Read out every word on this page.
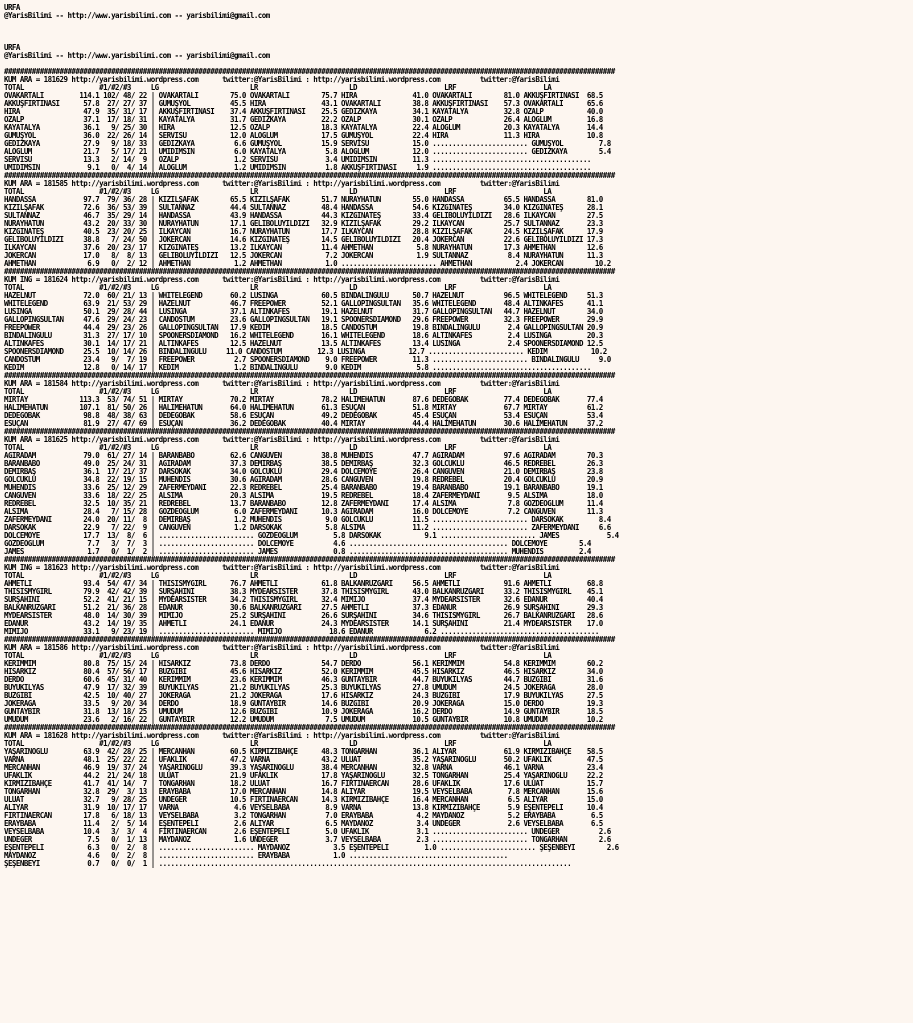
URFA
@YarisBilimi -- http://www.yarisbilimi.com -- yarisbilimi@gmail.com

URFA
@YarisBilimi -- http://www.yarisbilimi.com -- yarisbilimi@gmail.com

##########################################################################################################################################################
KUM ARA = 181629 http://yarisbilimi.wordpress.com      twitter:@YarisBilimi : http://yarisbilimi.wordpress.com          twitter:@YarisBilimi
TOTAL                   #1/#2/#3     LG                       LR                       LD                      LRF                      LA
OVAKARTALI         114.1 102/ 48/ 22 | OVAKARTALI        75.0 OVAKARTALI        75.7 HIRA              41.0 OVAKARTALI        81.0 AKKUŞFIRTINASI  68.5
AKKUŞFIRTINASI      57.8  27/ 27/ 37 | GÜMÜŞYOL          45.5 HIRA              43.1 OVAKARTALI        38.8 AKKUŞFIRTINASI    57.3 OVAKARTALI      65.6
HIRA                47.9  35/ 31/ 17 | AKKUŞFIRTINASI    37.4 AKKUŞFIRTINASI    25.5 GEDİZKAYA         34.1 KAYATALYA         32.8 ÖZALP           40.0
ÖZALP               37.1  17/ 18/ 31 | KAYATALYA         31.7 GEDİZKAYA         22.2 ÖZALP             30.1 ÖZALP             26.4 ALOGLUM         16.8
KAYATALYA           36.1   9/ 25/ 30 | HIRA              12.5 ÖZALP             18.3 KAYATALYA         22.4 ALOGLUM           20.3 KAYATALYA       14.4
GÜMÜŞYOL            36.0  22/ 26/ 14 | SERVİSU           12.0 ALOGLUM           17.5 GÜMÜŞYOL          22.4 HIRA              11.3 HIRA            10.8
GEDİZKAYA           27.9   9/ 18/ 33 | GEDİZKAYA          6.6 GÜMÜŞYOL          15.9 SERVİSU           15.0 ........................ GÜMÜŞYOL         7.8
ALOGLUM             21.7   5/ 17/ 21 | ÜMİDİMSİN          6.0 KAYATALYA          5.8 ALOGLUM           12.0 ........................ GEDİZKAYA        5.4
SERVİSU             13.3   2/ 14/  9 | ÖZALP              1.2 SERVİSU            3.4 ÜMİDİMSİN         11.3 ........................................
ÜMİDİMSİN            9.1   0/  4/ 14 | ALOGLUM            1.2 ÜMİDİMSİN          1.8 AKKUŞFIRTINASI     1.9 ........................................
##########################################################################################################################################################
KUM ARA = 181585 http://yarisbilimi.wordpress.com      twitter:@YarisBilimi : http://yarisbilimi.wordpress.com          twitter:@YarisBilimi
TOTAL                   #1/#2/#3     LG                       LR                       LD                      LRF                      LA
HANDASSA            97.7  79/ 36/ 28 | KIZILŞAFAK        65.5 KIZILŞAFAK        51.7 NURAYHATUN        55.0 HANDASSA          65.5 HANDASSA        81.0
KIZILŞAFAK          72.6  36/ 53/ 39 | SULTANNAZ         44.4 SULTANNAZ         48.4 HANDASSA          54.6 KIZGINATEŞ        34.0 KIZGINATEŞ      28.1
SULTANNAZ           46.7  35/ 29/ 14 | HANDASSA          43.9 HANDASSA          44.3 KIZGINATEŞ        33.4 GELİBOLUYILDIZI   28.6 İLKAYCAN        27.5
NURAYHATUN          43.2  20/ 33/ 30 | NURAYHATUN        17.1 GELİBOLUYILDIZI   32.9 KIZILŞAFAK        29.2 İLKAYCAN          25.7 SULTANNAZ       23.3
KIZGINATEŞ          40.5  23/ 20/ 25 | İLKAYCAN          16.7 NURAYHATUN        17.7 İLKAYCAN          28.8 KIZILŞAFAK        24.5 KIZILŞAFAK      17.9
GELİBOLUYILDIZI     38.8   7/ 24/ 50 | JOKERCAN          14.6 KIZGINATEŞ        14.5 GELİBOLUYILDIZI   20.4 JOKERCAN          22.6 GELİBOLUYILDIZI 17.3
İLKAYCAN            37.6  20/ 23/ 17 | KIZGINATEŞ        13.2 İLKAYCAN          11.4 AHMETHAN           5.8 NURAYHATUN        17.3 AHMETHAN        12.6
JOKERCAN            17.0   8/  8/ 13 | GELİBOLUYILDIZI   12.5 JOKERCAN           7.2 JOKERCAN           1.9 SULTANNAZ          8.4 NURAYHATUN      11.3
AHMETHAN             6.9   0/  2/ 12 | AHMETHAN           1.2 AHMETHAN           1.0 ........................ AHMETHAN           2.4 JOKERCAN        10.2
##########################################################################################################################################################
KUM ING = 181624 http://yarisbilimi.wordpress.com      twitter:@YarisBilimi : http://yarisbilimi.wordpress.com          twitter:@YarisBilimi
TOTAL                   #1/#2/#3     LG                       LR                       LD                      LRF                      LA
HAZELNUT            72.0  60/ 21/ 13 | WHITELEGEND       60.2 LUSINGA           60.5 BINDALINGÜLÜ      50.7 HAZELNUT          96.5 WHITELEGEND     51.3
WHITELEGEND         63.9  21/ 53/ 29 | HAZELNUT          46.7 FREEPOWER         52.1 GALLOPINGSULTAN   35.6 WHITELEGEND       48.4 ALTINKAFES      41.1
LUSINGA             50.1  29/ 28/ 44 | LUSINGA           37.1 ALTINKAFES        19.1 HAZELNUT          31.7 GALLOPINGSULTAN   44.7 HAZELNUT        34.0
GALLOPINGSULTAN     47.6  29/ 24/ 23 | CANDOSTUM         23.6 GALLOPINGSULTAN   19.1 SPOONERSDIAMOND   29.6 FREEPOWER         32.3 FREEPOWER       29.9
FREEPOWER           44.4  29/ 23/ 26 | GALLOPINGSULTAN   17.9 KEDİM             18.5 CANDOSTUM         19.8 BINDALINGÜLÜ       2.4 GALLOPINGSULTAN 20.9
BINDALINGÜLÜ        31.3  27/ 17/ 10 | SPOONERSDIAMOND   16.2 WHITELEGEND       16.1 WHITELEGEND       18.6 ALTINKAFES         2.4 LUSINGA         20.3
ALTINKAFES          30.1  14/ 17/ 21 | ALTINKAFES        12.5 HAZELNUT          13.5 ALTINKAFES        13.4 LUSINGA            2.4 SPOONERSDIAMOND 12.5
SPOONERSDIAMOND     25.5  10/ 14/ 26 | BINDALINGÜLÜ     11.0 CANDOSTUM         12.3 LUSINGA           12.7 ........................ KEDİM           10.2
CANDOSTUM           23.4   9/  7/ 19 | FREEPOWER          2.7 SPOONERSDIAMOND    9.0 FREEPOWER         11.3 ........................ BINDALINGÜLÜ     9.0
KEDİM               12.8   0/ 14/ 17 | KEDİM              1.2 BINDALINGÜLÜ       9.0 KEDİM              5.8 ........................................
##########################################################################################################################################################
KUM ARA = 181584 http://yarisbilimi.wordpress.com      twitter:@YarisBilimi : http://yarisbilimi.wordpress.com          twitter:@YarisBilimi
TOTAL                   #1/#2/#3     LG                       LR                       LD                      LRF                      LA
MİRTAY             113.3  53/ 74/ 51 | MİRTAY            70.2 MİRTAY            78.2 HALİMEHATUN       87.6 DEDEGOBAK         77.4 DEDEGOBAK       77.4
HALİMEHATUN        107.1  81/ 50/ 26 | HALİMEHATUN       64.0 HALİMEHATUN       61.3 ESUÇAN            51.8 MİRTAY            67.7 MİRTAY          61.2
DEDEGOBAK           98.8  48/ 38/ 63 | DEDEGOBAK         58.6 ESUÇAN            49.2 DEDEGOBAK         45.4 ESUÇAN            53.4 ESUÇAN          53.4
ESUÇAN              81.9  27/ 47/ 69 | ESUÇAN            36.2 DEDEGOBAK         40.4 MİRTAY            44.4 HALİMEHATUN       30.6 HALİMEHATUN     37.2
##########################################################################################################################################################
KUM ARA = 181625 http://yarisbilimi.wordpress.com      twitter:@YarisBilimi : http://yarisbilimi.wordpress.com          twitter:@YarisBilimi
TOTAL                   #1/#2/#3     LG                       LR                       LD                      LRF                      LA
AĞIRADAM            79.0  61/ 27/ 14 | BARANBABO         62.6 CANGUVEN          38.8 MÜHENDİS          47.7 AĞIRADAM          97.6 AĞIRADAM        70.3
BARANBABO           49.0  25/ 24/ 31 | AĞIRADAM          37.3 DEMİRBAŞ          38.5 DEMİRBAŞ          32.3 GÖLCÜKLÜ          46.5 REDREBEL        26.3
DEMİRBAŞ            36.1  17/ 21/ 37 | DARSOKAK          34.0 GÖLCÜKLÜ          29.4 DOLCEMOYE         26.4 CANGUVEN          21.0 DEMİRBAŞ        23.8
GÖLCÜKLÜ            34.8  22/ 19/ 15 | MÜHENDİS          30.6 AĞIRADAM          28.6 CANGUVEN          19.8 REDREBEL          20.4 GÖLCÜKLÜ        20.9
MÜHENDİS            33.6  25/ 12/ 29 | ZAFERMEYDANI      22.3 REDREBEL          25.4 BARANBABO         19.4 BARANBABO         19.1 BARANBABO       19.1
CANGUVEN            33.6  18/ 22/ 25 | ALSIMA            20.3 ALSIMA            19.5 REDREBEL          18.4 ZAFERMEYDANI       9.5 ALSIMA          18.0
REDREBEL            32.5  10/ 35/ 21 | REDREBEL          13.7 BARANBABO         12.8 ZAFERMEYDANI      17.4 ALSIMA             7.8 GOZDEOGLUM      11.4
ALSIMA              28.4   7/ 15/ 28 | GOZDEOGLUM         6.0 ZAFERMEYDANI      10.3 AĞIRADAM          16.0 DOLCEMOYE          7.2 CANGUVEN        11.3
ZAFERMEYDANI        24.0  20/ 11/  8 | DEMİRBAŞ           1.2 MÜHENDİS           9.0 GÖLCÜKLÜ          11.5 ........................ DARSOKAK         8.4
DARSOKAK            22.9   7/ 22/  9 | CANGUVEN           1.2 DARSOKAK           5.8 ALSIMA            11.2 ........................ ZAFERMEYDANI     6.6
DOLCEMOYE           17.7  13/  8/  6 | ........................ GOZDEOGLUM         5.8 DARSOKAK           9.1 ........................ JAMES            5.4
GOZDEOGLUM           7.7   3/  7/  3 | ........................ DOLCEMOYE          4.6 ........................................ DOLCEMOYE        5.4
JAMES                1.7   0/  1/  2 | ........................ JAMES              0.8 ........................................ MÜHENDİS         2.4
##########################################################################################################################################################
KUM ING = 181623 http://yarisbilimi.wordpress.com      twitter:@YarisBilimi : http://yarisbilimi.wordpress.com          twitter:@YarisBilimi
TOTAL                   #1/#2/#3     LG                       LR                       LD                      LRF                      LA
AHMETLİ             93.4  54/ 47/ 34 | THISISMYGIRL      76.7 AHMETLİ           61.8 BALKANRÜZGARI     56.5 AHMETLİ           91.6 AHMETLİ         68.8
THISISMYGIRL        79.9  42/ 42/ 39 | SURŞAHİNİ         38.3 MYDEARSISTER      37.8 THISISMYGIRL      43.0 BALKANRÜZGARI     33.2 THISISMYGIRL    45.1
SURŞAHİNİ           52.2  41/ 21/ 15 | MYDEARSISTER      34.2 THISISMYGIRL      32.4 MİMİJO            37.4 MYDEARSISTER      32.6 EDANUR          40.4
BALKANRÜZGARI       51.2  21/ 36/ 28 | EDANUR            30.6 BALKANRÜZGARI     27.5 AHMETLİ           37.3 EDANUR            26.9 SURŞAHİNİ       29.3
MYDEARSISTER        48.0  14/ 30/ 39 | MİMİJO            25.2 SURŞAHİNİ         26.6 SURŞAHİNİ         34.6 THISISMYGIRL      26.7 BALKANRÜZGARI   28.6
EDANUR              43.2  14/ 19/ 35 | AHMETLİ           24.1 EDANUR            24.3 MYDEARSISTER      14.1 SURŞAHİNİ         21.4 MYDEARSISTER    17.0
MİMİJO              33.1   9/ 23/ 19 | ........................ MİMİJO            18.6 EDANUR             6.2 ........................................
##########################################################################################################################################################
KUM ARA = 181586 http://yarisbilimi.wordpress.com      twitter:@YarisBilimi : http://yarisbilimi.wordpress.com          twitter:@YarisBilimi
TOTAL                   #1/#2/#3     LG                       LR                       LD                      LRF                      LA
KERİMMİM            80.8  75/ 15/ 24 | HİSARKIZ          73.8 DERDO             54.7 DERDO             56.1 KERİMMİM          54.8 KERİMMİM        60.2
HİSARKIZ            80.4  57/ 56/ 17 | BUZGİBİ           45.6 HİSARKIZ          52.0 KERİMMİM          45.5 HİSARKIZ          46.5 HİSARKIZ        34.0
DERDO               60.6  45/ 31/ 40 | KERİMMİM          23.6 KERİMMİM          46.3 GÜNTAYBİR         44.7 BÜYÜKİLYAS        44.7 BUZGİBİ         31.6
BÜYÜKİLYAS          47.9  17/ 32/ 39 | BÜYÜKİLYAS        21.2 BÜYÜKİLYAS        25.3 BÜYÜKİLYAS        27.8 UMUDUM            24.5 JOKERAGA        28.0
BUZGİBİ             42.5  10/ 40/ 27 | JOKERAGA          21.2 JOKERAGA          17.6 HİSARKIZ          24.3 BUZGİBİ           17.9 BÜYÜKİLYAS      27.5
JOKERAGA            33.5   9/ 20/ 34 | DERDO             18.9 GÜNTAYBİR         14.6 BUZGİBİ           20.9 JOKERAGA          15.0 DERDO           19.3
GÜNTAYBİR           31.8  13/ 18/ 25 | UMUDUM            12.6 BUZGİBİ           10.9 JOKERAGA          16.2 DERDO             14.9 GÜNTAYBİR       18.5
UMUDUM              23.6   2/ 16/ 22 | GÜNTAYBİR         12.2 UMUDUM             7.5 UMUDUM            10.5 GÜNTAYBİR         10.8 UMUDUM          10.2
##########################################################################################################################################################
KUM ARA = 181628 http://yarisbilimi.wordpress.com      twitter:@YarisBilimi : http://yarisbilimi.wordpress.com          twitter:@YarisBilimi
TOTAL                   #1/#2/#3     LG                       LR                       LD                      LRF                      LA
YAŞARINOĞLU         63.9  42/ 28/ 25 | MERCANHAN         60.5 KIRMIZIBAHÇE      48.3 TONGARHAN         36.1 ALİYAR            61.9 KIRMIZIBAHÇE    58.5
VARNA               48.1  25/ 22/ 22 | UFAKLIK           47.2 VARNA             43.2 ULUAT             35.2 YAŞARINOĞLU       50.2 UFAKLIK         47.5
MERCANHAN           46.9  19/ 37/ 24 | YAŞARINOĞLU       39.3 YAŞARINOĞLU       38.4 MERCANHAN         32.8 VARNA             46.1 VARNA           23.4
UFAKLIK             44.2  21/ 24/ 18 | ULUAT             21.9 UFAKLIK           17.8 YAŞARINOĞLU       32.5 TONGARHAN         25.4 YAŞARINOĞLU     22.2
KIRMIZIBAHÇE        41.7  41/ 14/  7 | TONGARHAN         18.2 ULUAT             16.7 FIRTINAERCAN      28.6 UFAKLIK           17.6 ULUAT           15.7
TONGARHAN           32.8  29/  3/ 13 | ERAYBABA          17.0 MERCANHAN         14.8 ALİYAR            19.5 VEYSELBABA         7.8 MERCANHAN       15.6
ULUAT               32.7   9/ 28/ 25 | ÜNDEGER           10.5 FIRTINAERCAN      14.3 KIRMIZIBAHÇE      16.4 MERCANHAN          6.5 ALİYAR          15.0
ALİYAR              31.9  10/ 17/ 17 | VARNA              4.6 VEYSELBABA         8.9 VARNA             13.8 KIRMIZIBAHÇE       5.9 EŞENTEPELİ      10.4
FIRTINAERCAN        17.8   6/ 18/ 13 | VEYSELBABA         3.2 TONGARHAN          7.0 ERAYBABA           4.2 MAYDANOZ           5.2 ERAYBABA         6.5
ERAYBABA            11.4   2/  5/ 14 | EŞENTEPELİ         2.6 ALİYAR             6.5 MAYDANOZ           3.4 ÜNDEGER            2.6 VEYSELBABA       6.5
VEYSELBABA          10.4   3/  3/  4 | FIRTINAERCAN       2.6 EŞENTEPELİ         5.0 UFAKLIK            3.1 ........................ ÜNDEGER          2.6
ÜNDEGER              7.5   0/  1/ 13 | MAYDANOZ           1.6 ÜNDEGER            3.7 VEYSELBABA         2.3 ........................ TONGARHAN        2.6
EŞENTEPELİ           6.3   0/  2/  8 | ........................ MAYDANOZ           3.5 EŞENTEPELİ         1.0 ........................ ŞEŞENBEYİ        2.6
MAYDANOZ             4.6   0/  2/  8 | ........................ ERAYBABA           1.0 ........................................
ŞEŞENBEYİ            0.7   0/  0/  1 | ........................................................................................................
